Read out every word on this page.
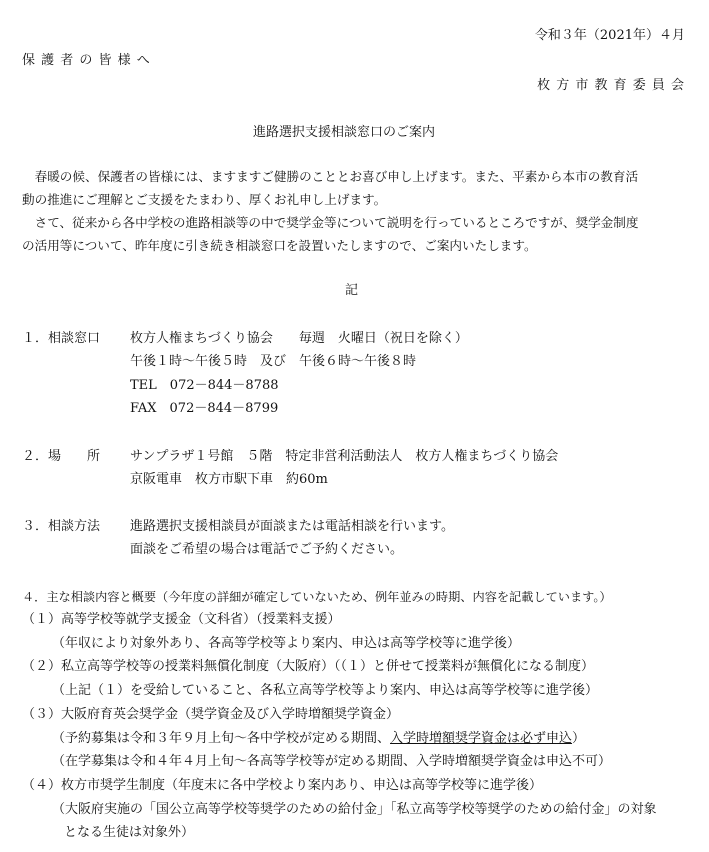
令和３年（2021年）４月
保 護 者 の 皆 様 へ
枚 方 市 教 育 委 員 会
進路選択支援相談窓口のご案内
　春暖の候、保護者の皆様には、ますますご健勝のこととお喜び申し上げます。また、平素から本市の教育活
動の推進にご理解とご支援をたまわり、厚くお礼申し上げます。
　さて、従来から各中学校の進路相談等の中で奨学金等について説明を行っているところですが、奨学金制度
の活用等について、昨年度に引き続き相談窓口を設置いたしますので、ご案内いたします。
記
１．相談窓口 枚方人権まちづくり協会　　毎週　火曜日（祝日を除く）
午後１時～午後５時　及び　午後６時～午後８時
TEL　072－844－8788
FAX　072－844－8799
２．場　　所 サンプラザ１号館　５階　特定非営利活動法人　枚方人権まちづくり協会
京阪電車　枚方市駅下車　約60m
３．相談方法 進路選択支援相談員が面談または電話相談を行います。
面談をご希望の場合は電話でご予約ください。
４．主な相談内容と概要（今年度の詳細が確定していないため、例年並みの時期、内容を記載しています。）
（１）高等学校等就学支援金（文科省）（授業料支援）
（年収により対象外あり、各高等学校等より案内、申込は高等学校等に進学後）
（２）私立高等学校等の授業料無償化制度（大阪府）（（１）と併せて授業料が無償化になる制度）
（上記（１）を受給していること、各私立高等学校等より案内、申込は高等学校等に進学後）
（３）大阪府育英会奨学金（奨学資金及び入学時増額奨学資金）
（予約募集は令和３年９月上旬～各中学校が定める期間、入学時増額奨学資金は必ず申込）
（在学募集は令和４年４月上旬～各高等学校等が定める期間、入学時増額奨学資金は申込不可）
（４）枚方市奨学生制度（年度末に各中学校より案内あり、申込は高等学校等に進学後）
（大阪府実施の「国公立高等学校等奨学のための給付金」「私立高等学校等奨学のための給付金」の対象
となる生徒は対象外）
